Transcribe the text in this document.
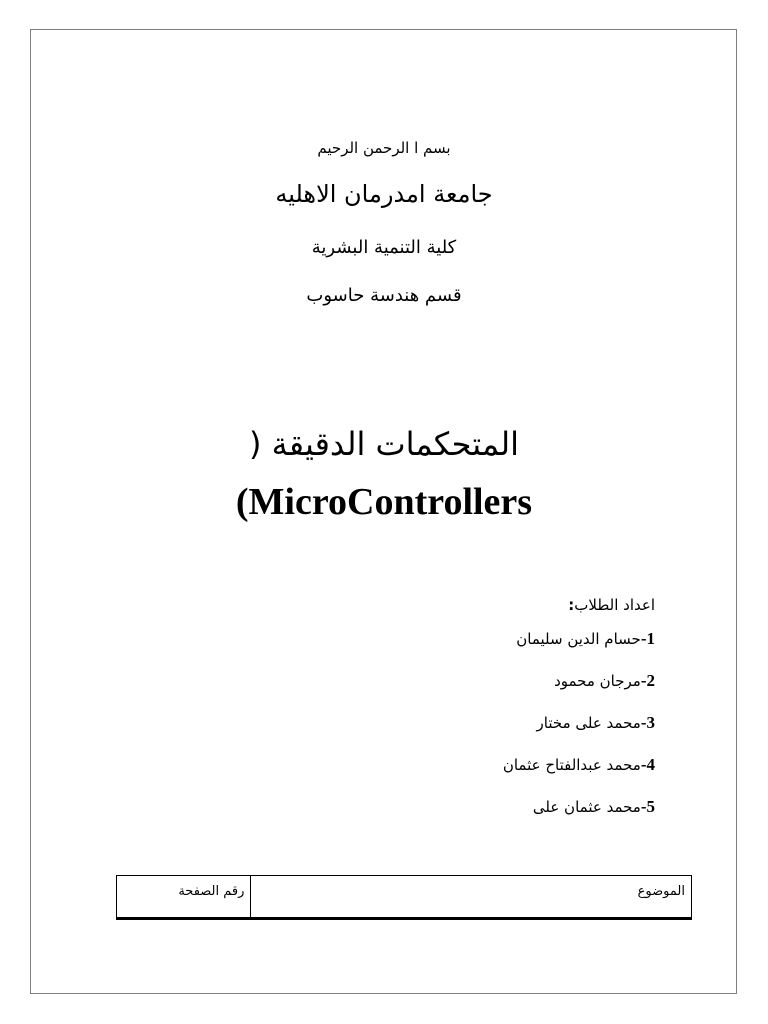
بسم ا الرحمن الرحيم
جامعة امدرمان الاهليه
كلية التنمية البشرية
قسم هندسة حاسوب
المتحكمات الدقيقة (
(MicroControllers
اعداد الطلاب:
1-حسام الدين سليمان
2-مرجان محمود
3-محمد على مختار
4-محمد عبدالفتاح عثمان
5-محمد عثمان على
الموضوع	رقم الصفحة
